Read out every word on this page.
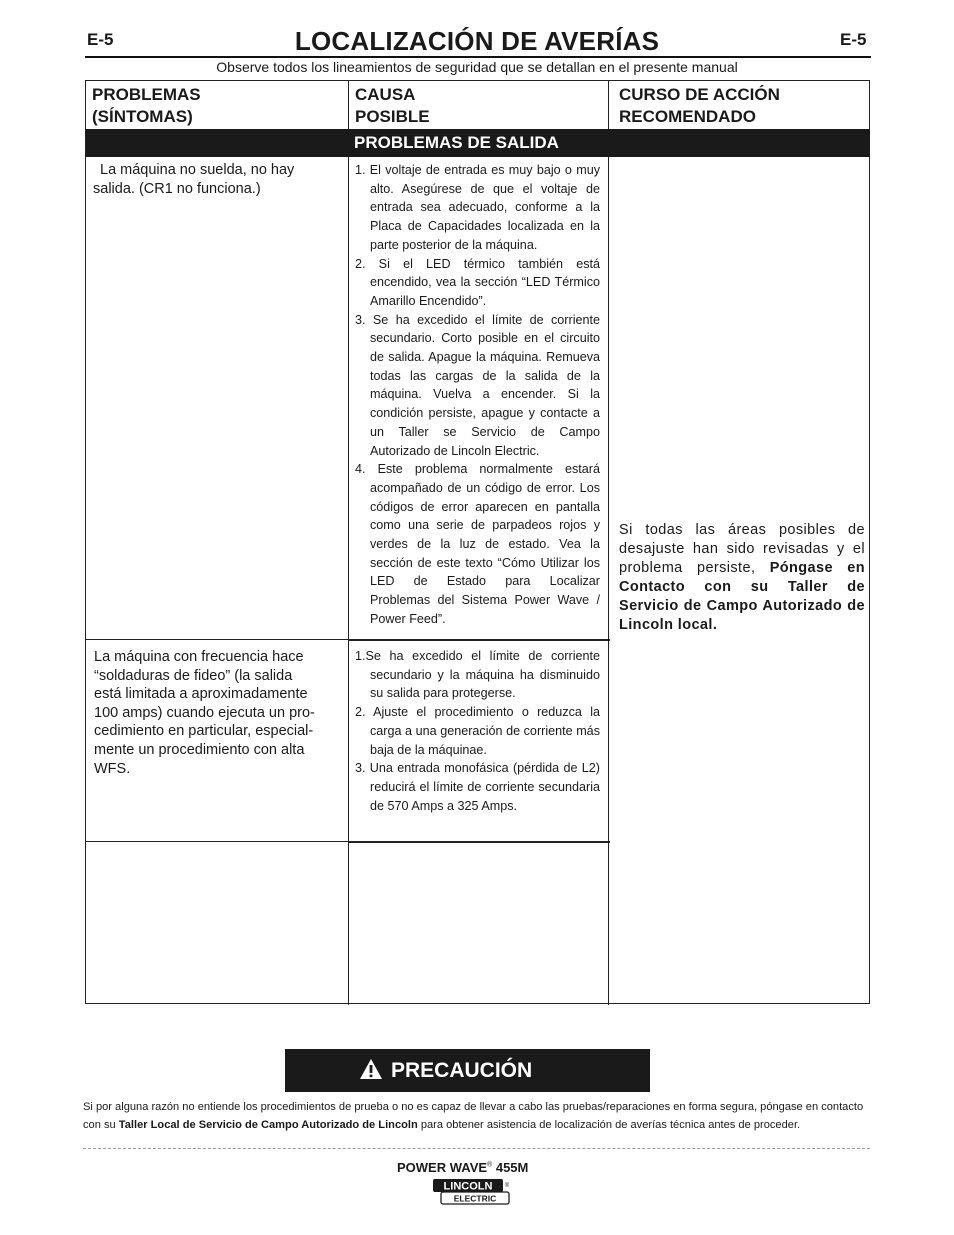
E-5	LOCALIZACIÓN DE AVERÍAS	E-5
Observe todos los lineamientos de seguridad que se detallan en el presente manual
PROBLEMAS
(SÍNTOMAS)
CAUSA
POSIBLE
CURSO DE ACCIÓN
RECOMENDADO
PROBLEMAS DE SALIDA
La máquina no suelda, no hay
salida. (CR1 no funciona.)
1. El voltaje de entrada es muy bajo o muy alto. Asegúrese de que el voltaje de entrada sea adecuado, conforme a la Placa de Capacidades localizada en la parte posterior de la máquina.
2. Si el LED térmico también está encendido, vea la sección “LED Térmico Amarillo Encendido”.
3. Se ha excedido el límite de corriente secundario. Corto posible en el circuito de salida. Apague la máquina. Remueva todas las cargas de la salida de la máquina. Vuelva a encender. Si la condición persiste, apague y contacte a un Taller se Servicio de Campo Autorizado de Lincoln Electric.
4. Este problema normalmente estará acompañado de un código de error. Los códigos de error aparecen en pantalla como una serie de parpadeos rojos y verdes de la luz de estado. Vea la sección de este texto “Cómo Utilizar los LED de Estado para Localizar Problemas del Sistema Power Wave / Power Feed”.
La máquina con frecuencia hace
“soldaduras de fideo” (la salida
está limitada a aproximadamente
100 amps) cuando ejecuta un pro-
cedimiento en particular, especial-
mente un procedimiento con alta
WFS.
1.Se ha excedido el límite de corriente secundario y la máquina ha disminuido su salida para protegerse.
2. Ajuste el procedimiento o reduzca la carga a una generación de corriente más baja de la máquinae.
3. Una entrada monofásica (pérdida de L2) reducirá el límite de corriente secundaria de 570 Amps a 325 Amps.
Si todas las áreas posibles de desajuste han sido revisadas y el problema persiste, Póngase en Contacto con su Taller de Servicio de Campo Autorizado de Lincoln local.
PRECAUCIÓN
Si por alguna razón no entiende los procedimientos de prueba o no es capaz de llevar a cabo las pruebas/reparaciones en forma segura, póngase en contacto con su Taller Local de Servicio de Campo Autorizado de Lincoln para obtener asistencia de localización de averías técnica antes de proceder.
POWER WAVE® 455M
LINCOLN ®
ELECTRIC
